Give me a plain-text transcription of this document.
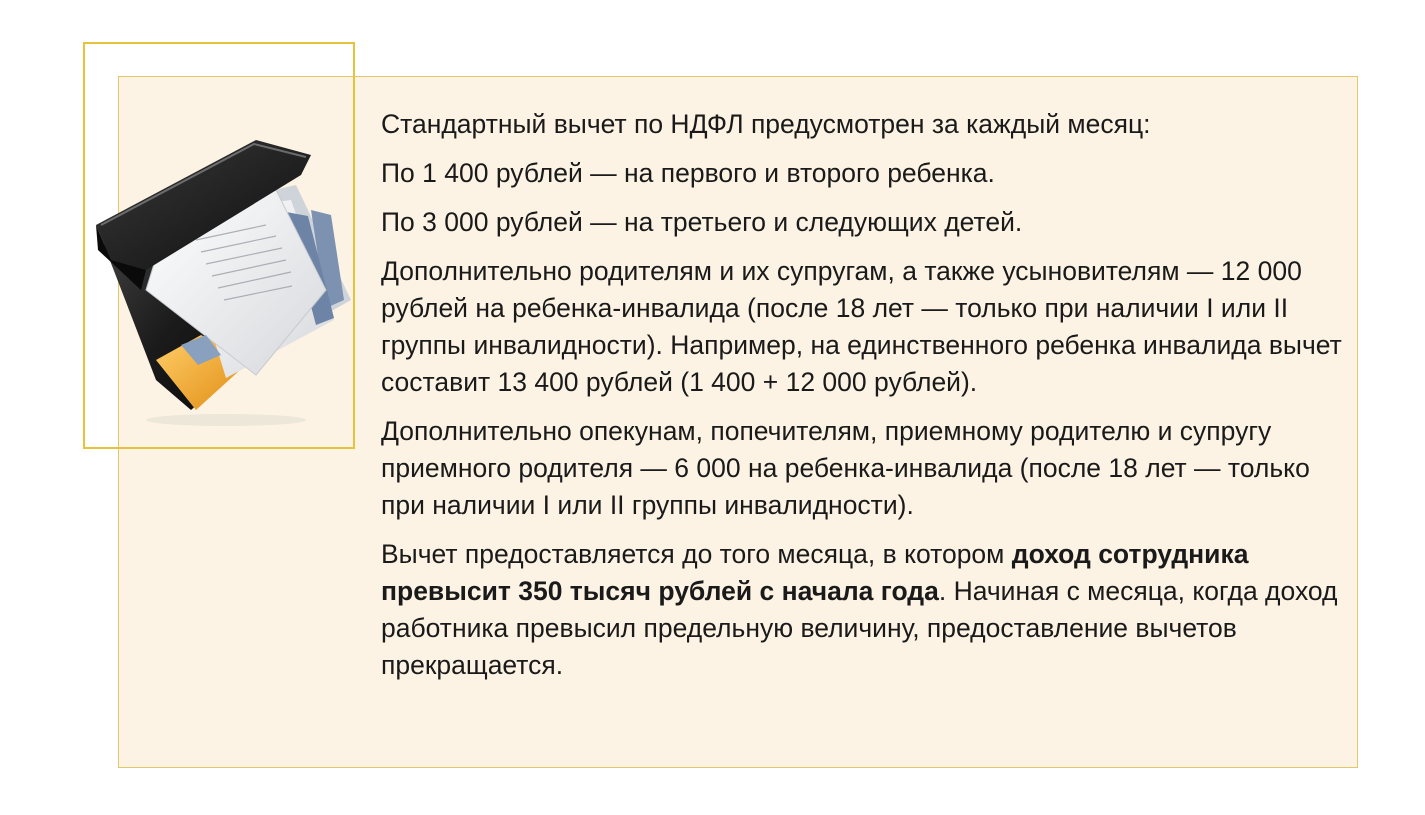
Стандартный вычет по НДФЛ предусмотрен за каждый месяц:

По 1 400 рублей — на первого и второго ребенка.

По 3 000 рублей — на третьего и следующих детей.

Дополнительно родителям и их супругам, а также усыновителям — 12 000 рублей на ребенка-инвалида (после 18 лет — только при наличии I или II группы инвалидности). Например, на единственного ребенка инвалида вычет составит 13 400 рублей (1 400 + 12 000 рублей).

Дополнительно опекунам, попечителям, приемному родителю и супругу приемного родителя — 6 000 на ребенка-инвалида (после 18 лет — только при наличии I или II группы инвалидности).

Вычет предоставляется до того месяца, в котором доход сотрудника превысит 350 тысяч рублей с начала года. Начиная с месяца, когда доход работника превысил предельную величину, предоставление вычетов прекращается.
